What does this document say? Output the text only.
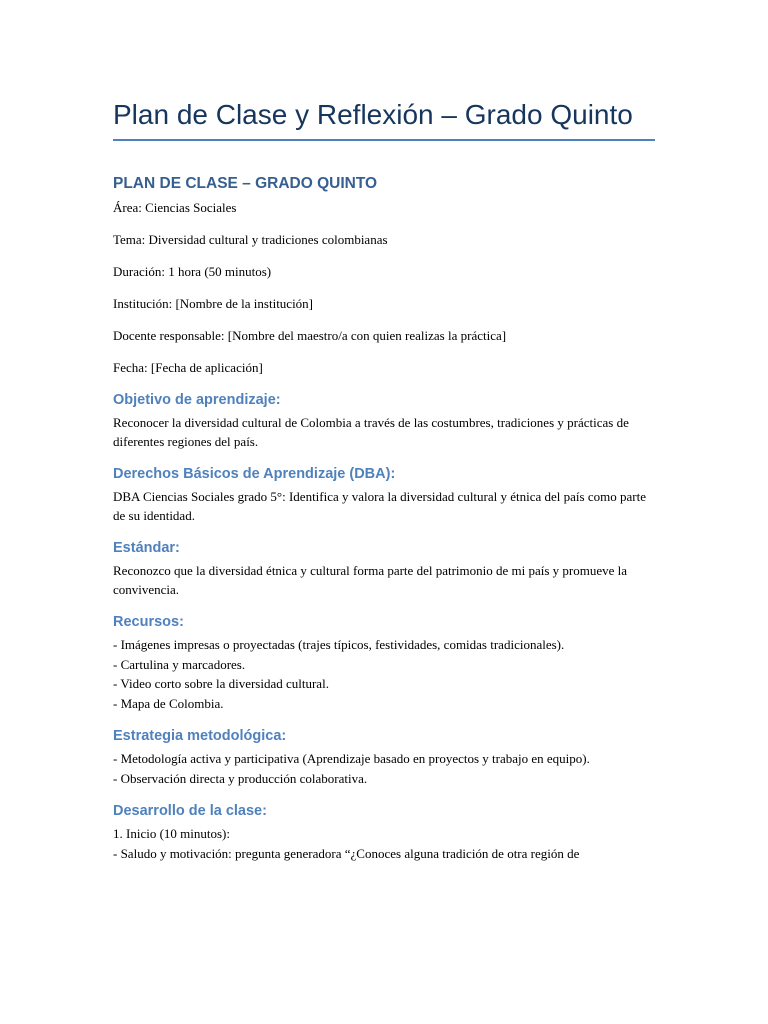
Plan de Clase y Reflexión – Grado Quinto
PLAN DE CLASE – GRADO QUINTO

Área: Ciencias Sociales

Tema: Diversidad cultural y tradiciones colombianas

Duración: 1 hora (50 minutos)

Institución: [Nombre de la institución]

Docente responsable: [Nombre del maestro/a con quien realizas la práctica]

Fecha: [Fecha de aplicación]

Objetivo de aprendizaje:

Reconocer la diversidad cultural de Colombia a través de las costumbres, tradiciones y prácticas de diferentes regiones del país.

Derechos Básicos de Aprendizaje (DBA):

DBA Ciencias Sociales grado 5°: Identifica y valora la diversidad cultural y étnica del país como parte de su identidad.

Estándar:

Reconozco que la diversidad étnica y cultural forma parte del patrimonio de mi país y promueve la convivencia.

Recursos:

- Imágenes impresas o proyectadas (trajes típicos, festividades, comidas tradicionales).

- Cartulina y marcadores.

- Video corto sobre la diversidad cultural.

- Mapa de Colombia.

Estrategia metodológica:

- Metodología activa y participativa (Aprendizaje basado en proyectos y trabajo en equipo).

- Observación directa y producción colaborativa.

Desarrollo de la clase:

1. Inicio (10 minutos):

- Saludo y motivación: pregunta generadora “¿Conoces alguna tradición de otra región de
